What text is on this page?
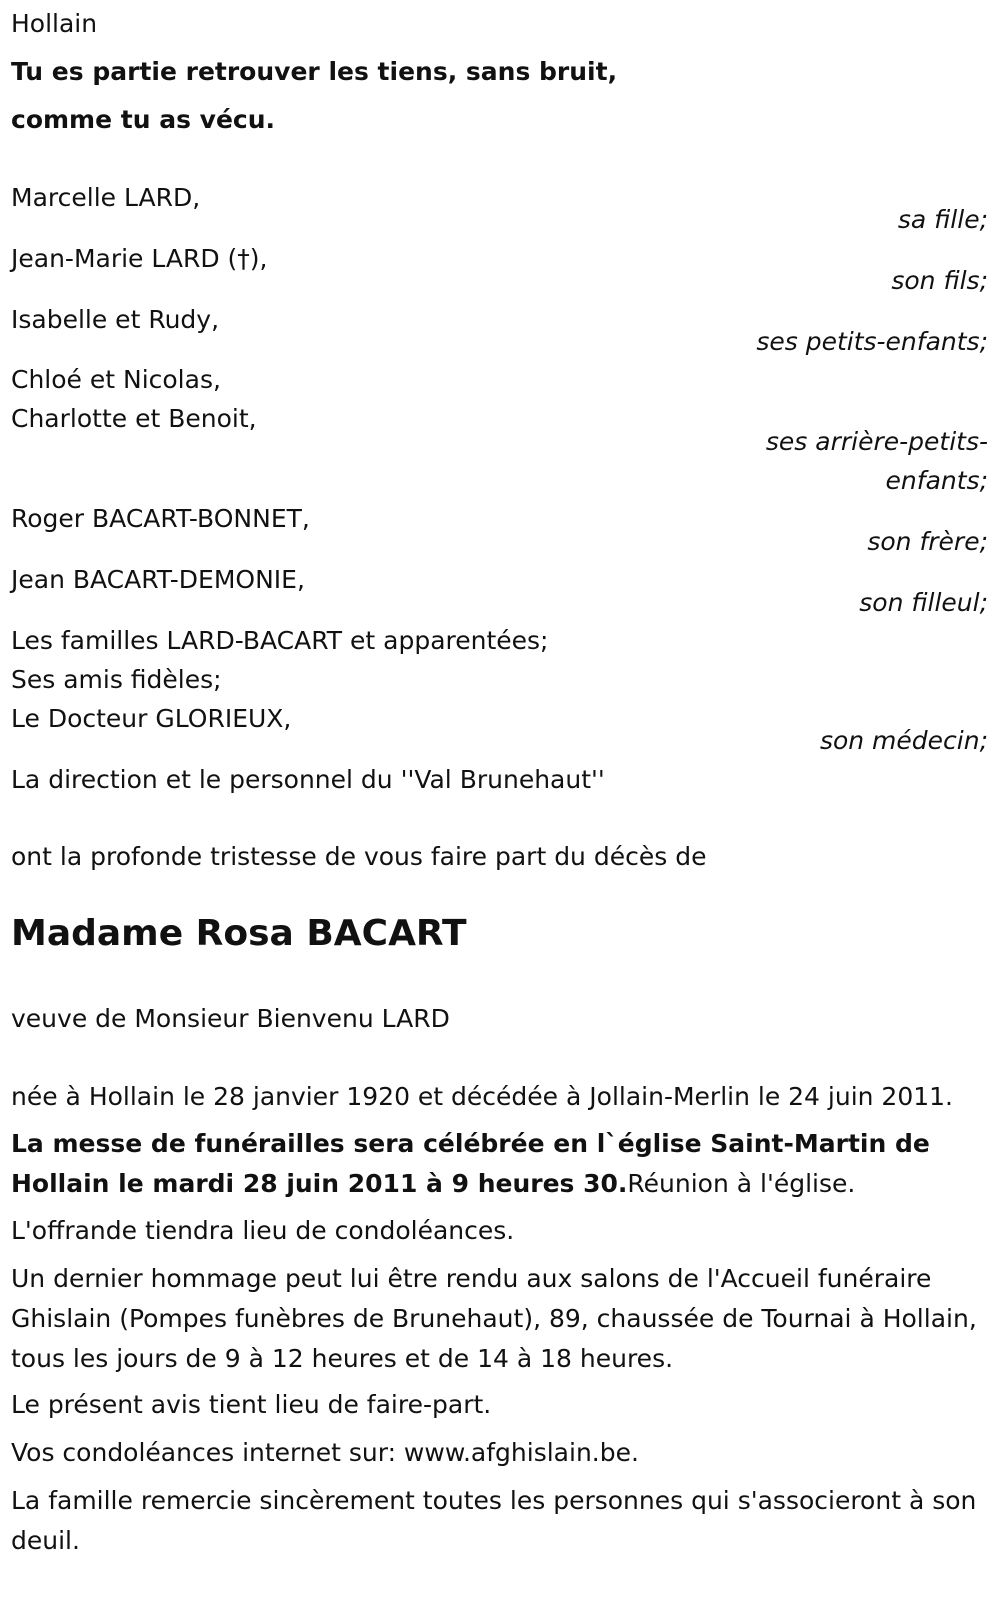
Hollain
Tu es partie retrouver les tiens, sans bruit,
comme tu as vécu.
Marcelle LARD,
sa fille;
Jean-Marie LARD (†),
son fils;
Isabelle et Rudy,
ses petits-enfants;
Chloé et Nicolas,
Charlotte et Benoit,
ses arrière-petits-
enfants;
Roger BACART-BONNET,
son frère;
Jean BACART-DEMONIE,
son filleul;
Les familles LARD-BACART et apparentées;
Ses amis fidèles;
Le Docteur GLORIEUX,
son médecin;
La direction et le personnel du ''Val Brunehaut''
ont la profonde tristesse de vous faire part du décès de
Madame Rosa BACART
veuve de Monsieur Bienvenu LARD
née à Hollain le 28 janvier 1920 et décédée à Jollain-Merlin le 24 juin 2011.
La messe de funérailles sera célébrée en l`église Saint-Martin de Hollain le mardi 28 juin 2011 à 9 heures 30.Réunion à l'église.
L'offrande tiendra lieu de condoléances.
Un dernier hommage peut lui être rendu aux salons de l'Accueil funéraire Ghislain (Pompes funèbres de Brunehaut), 89, chaussée de Tournai à Hollain, tous les jours de 9 à 12 heures et de 14 à 18 heures.
Le présent avis tient lieu de faire-part.
Vos condoléances internet sur: www.afghislain.be.
La famille remercie sincèrement toutes les personnes qui s'associeront à son deuil.
